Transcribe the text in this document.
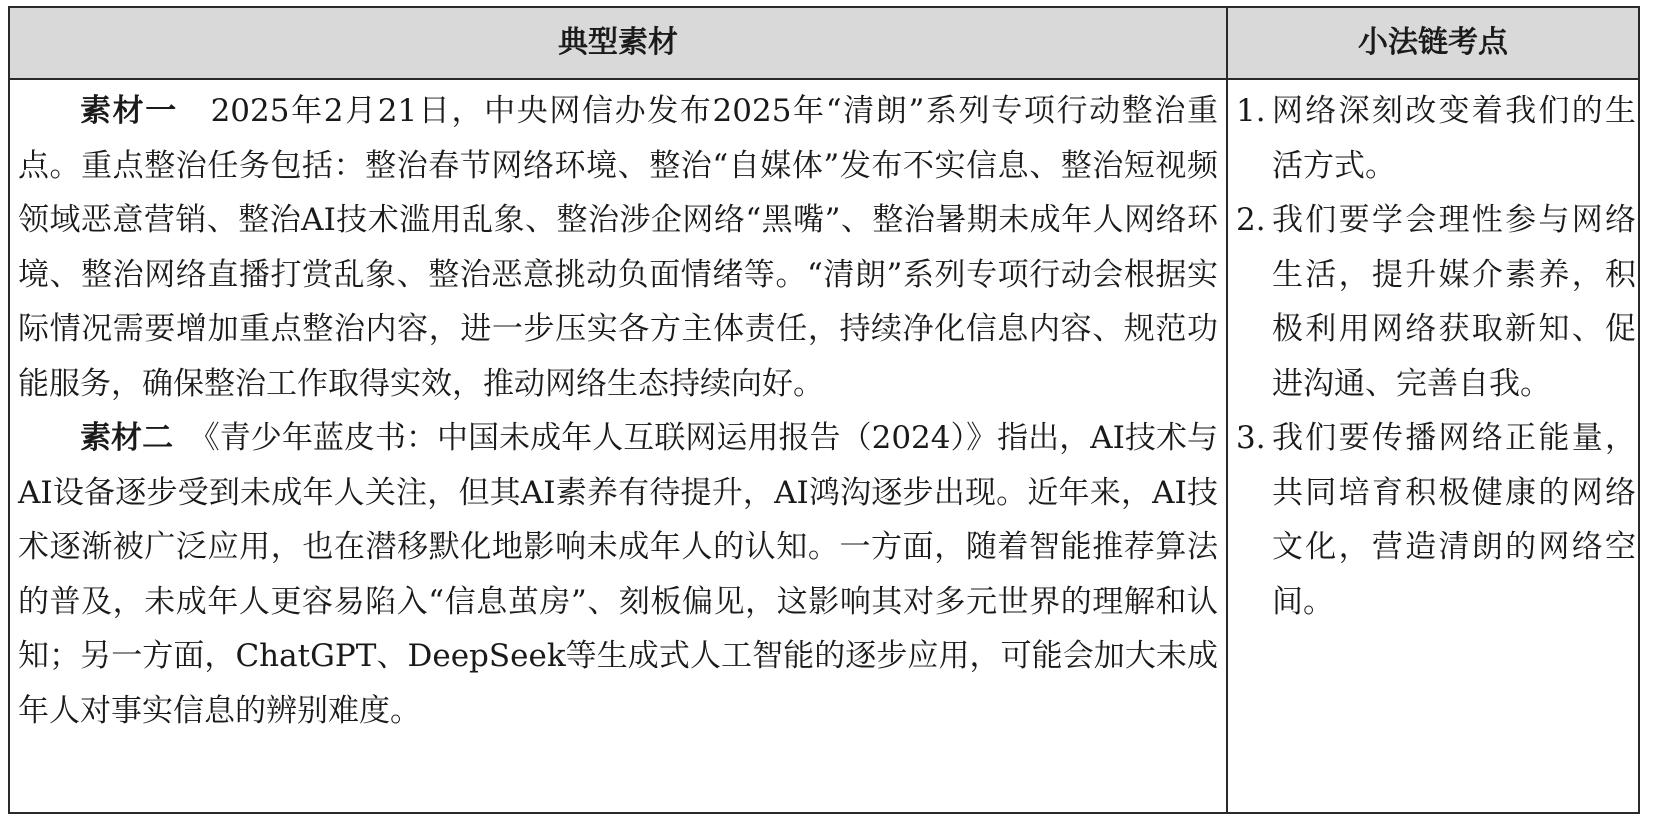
典型素材	小法链考点

素材一　 2025年2月21日，中央网信办发布2025年“清朗”系列专项行动整治重点。重点整治任务包括：整治春节网络环境、整治“自媒体”发布不实信息、整治短视频领域恶意营销、整治AI技术滥用乱象、整治涉企网络“黑嘴”、整治暑期未成年人网络环境、整治网络直播打赏乱象、整治恶意挑动负面情绪等。“清朗”系列专项行动会根据实际情况需要增加重点整治内容，进一步压实各方主体责任，持续净化信息内容、规范功能服务，确保整治工作取得实效，推动网络生态持续向好。

素材二　 《青少年蓝皮书：中国未成年人互联网运用报告（2024）》指出，AI技术与AI设备逐步受到未成年人关注，但其AI素养有待提升，AI鸿沟逐步出现。近年来，AI技术逐渐被广泛应用，也在潜移默化地影响未成年人的认知。一方面，随着智能推荐算法的普及，未成年人更容易陷入“信息茧房”、刻板偏见，这影响其对多元世界的理解和认知；另一方面，ChatGPT、DeepSeek等生成式人工智能的逐步应用，可能会加大未成年人对事实信息的辨别难度。

1. 网络深刻改变着我们的生活方式。
2. 我们要学会理性参与网络生活，提升媒介素养，积极利用网络获取新知、促进沟通、完善自我。
3. 我们要传播网络正能量，共同培育积极健康的网络文化，营造清朗的网络空间。
